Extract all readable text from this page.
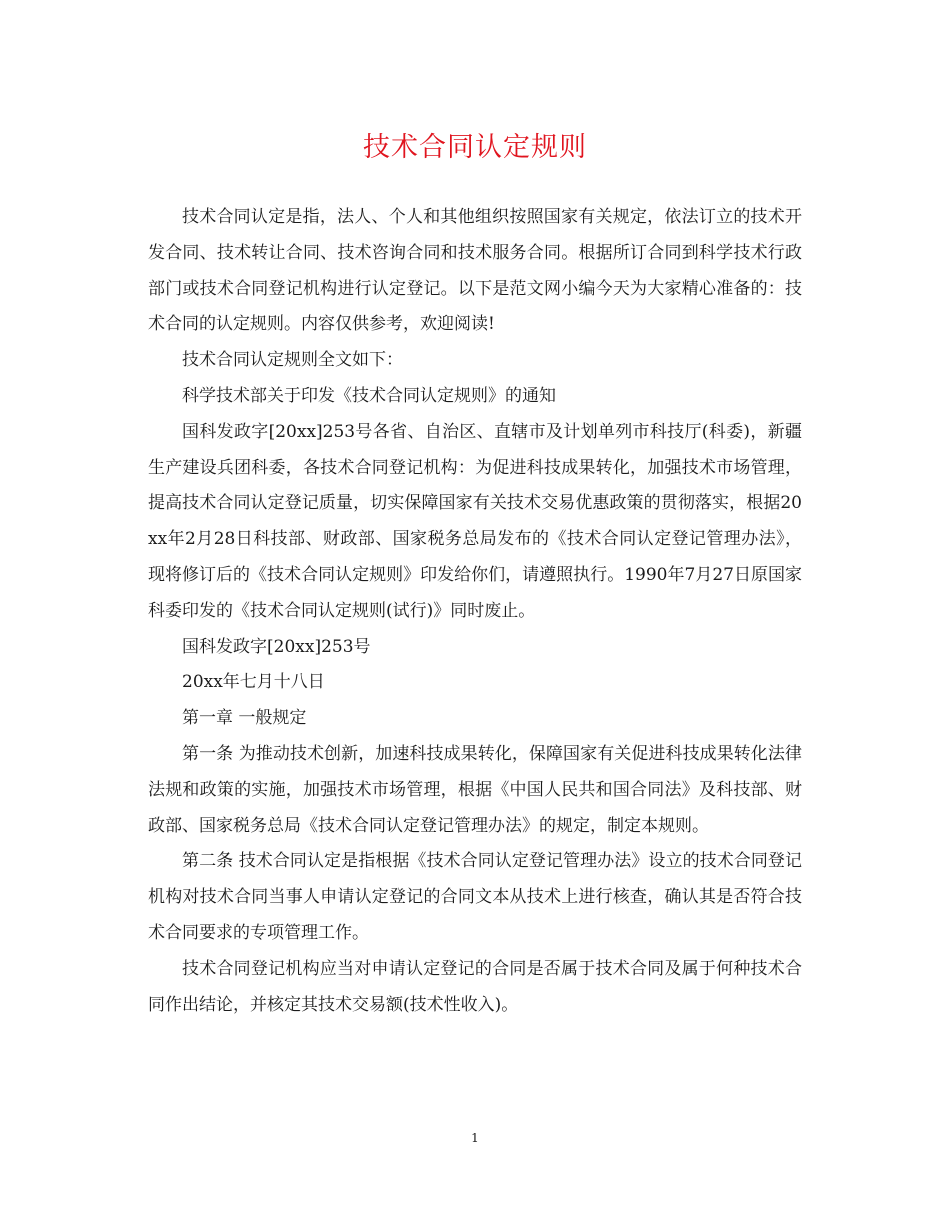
技术合同认定规则

技术合同认定是指，法人、个人和其他组织按照国家有关规定，依法订立的技术开发合同、技术转让合同、技术咨询合同和技术服务合同。根据所订合同到科学技术行政部门或技术合同登记机构进行认定登记。以下是范文网小编今天为大家精心准备的：技术合同的认定规则。内容仅供参考，欢迎阅读!

技术合同认定规则全文如下：

科学技术部关于印发《技术合同认定规则》的通知

国科发政字[20xx]253号各省、自治区、直辖市及计划单列市科技厅(科委)，新疆生产建设兵团科委，各技术合同登记机构：为促进科技成果转化，加强技术市场管理，提高技术合同认定登记质量，切实保障国家有关技术交易优惠政策的贯彻落实，根据20xx年2月28日科技部、财政部、国家税务总局发布的《技术合同认定登记管理办法》，现将修订后的《技术合同认定规则》印发给你们，请遵照执行。1990年7月27日原国家科委印发的《技术合同认定规则(试行)》同时废止。

国科发政字[20xx]253号

20xx年七月十八日

第一章 一般规定

第一条 为推动技术创新，加速科技成果转化，保障国家有关促进科技成果转化法律法规和政策的实施，加强技术市场管理，根据《中国人民共和国合同法》及科技部、财政部、国家税务总局《技术合同认定登记管理办法》的规定，制定本规则。

第二条 技术合同认定是指根据《技术合同认定登记管理办法》设立的技术合同登记机构对技术合同当事人申请认定登记的合同文本从技术上进行核查，确认其是否符合技术合同要求的专项管理工作。

技术合同登记机构应当对申请认定登记的合同是否属于技术合同及属于何种技术合同作出结论，并核定其技术交易额(技术性收入)。

1
